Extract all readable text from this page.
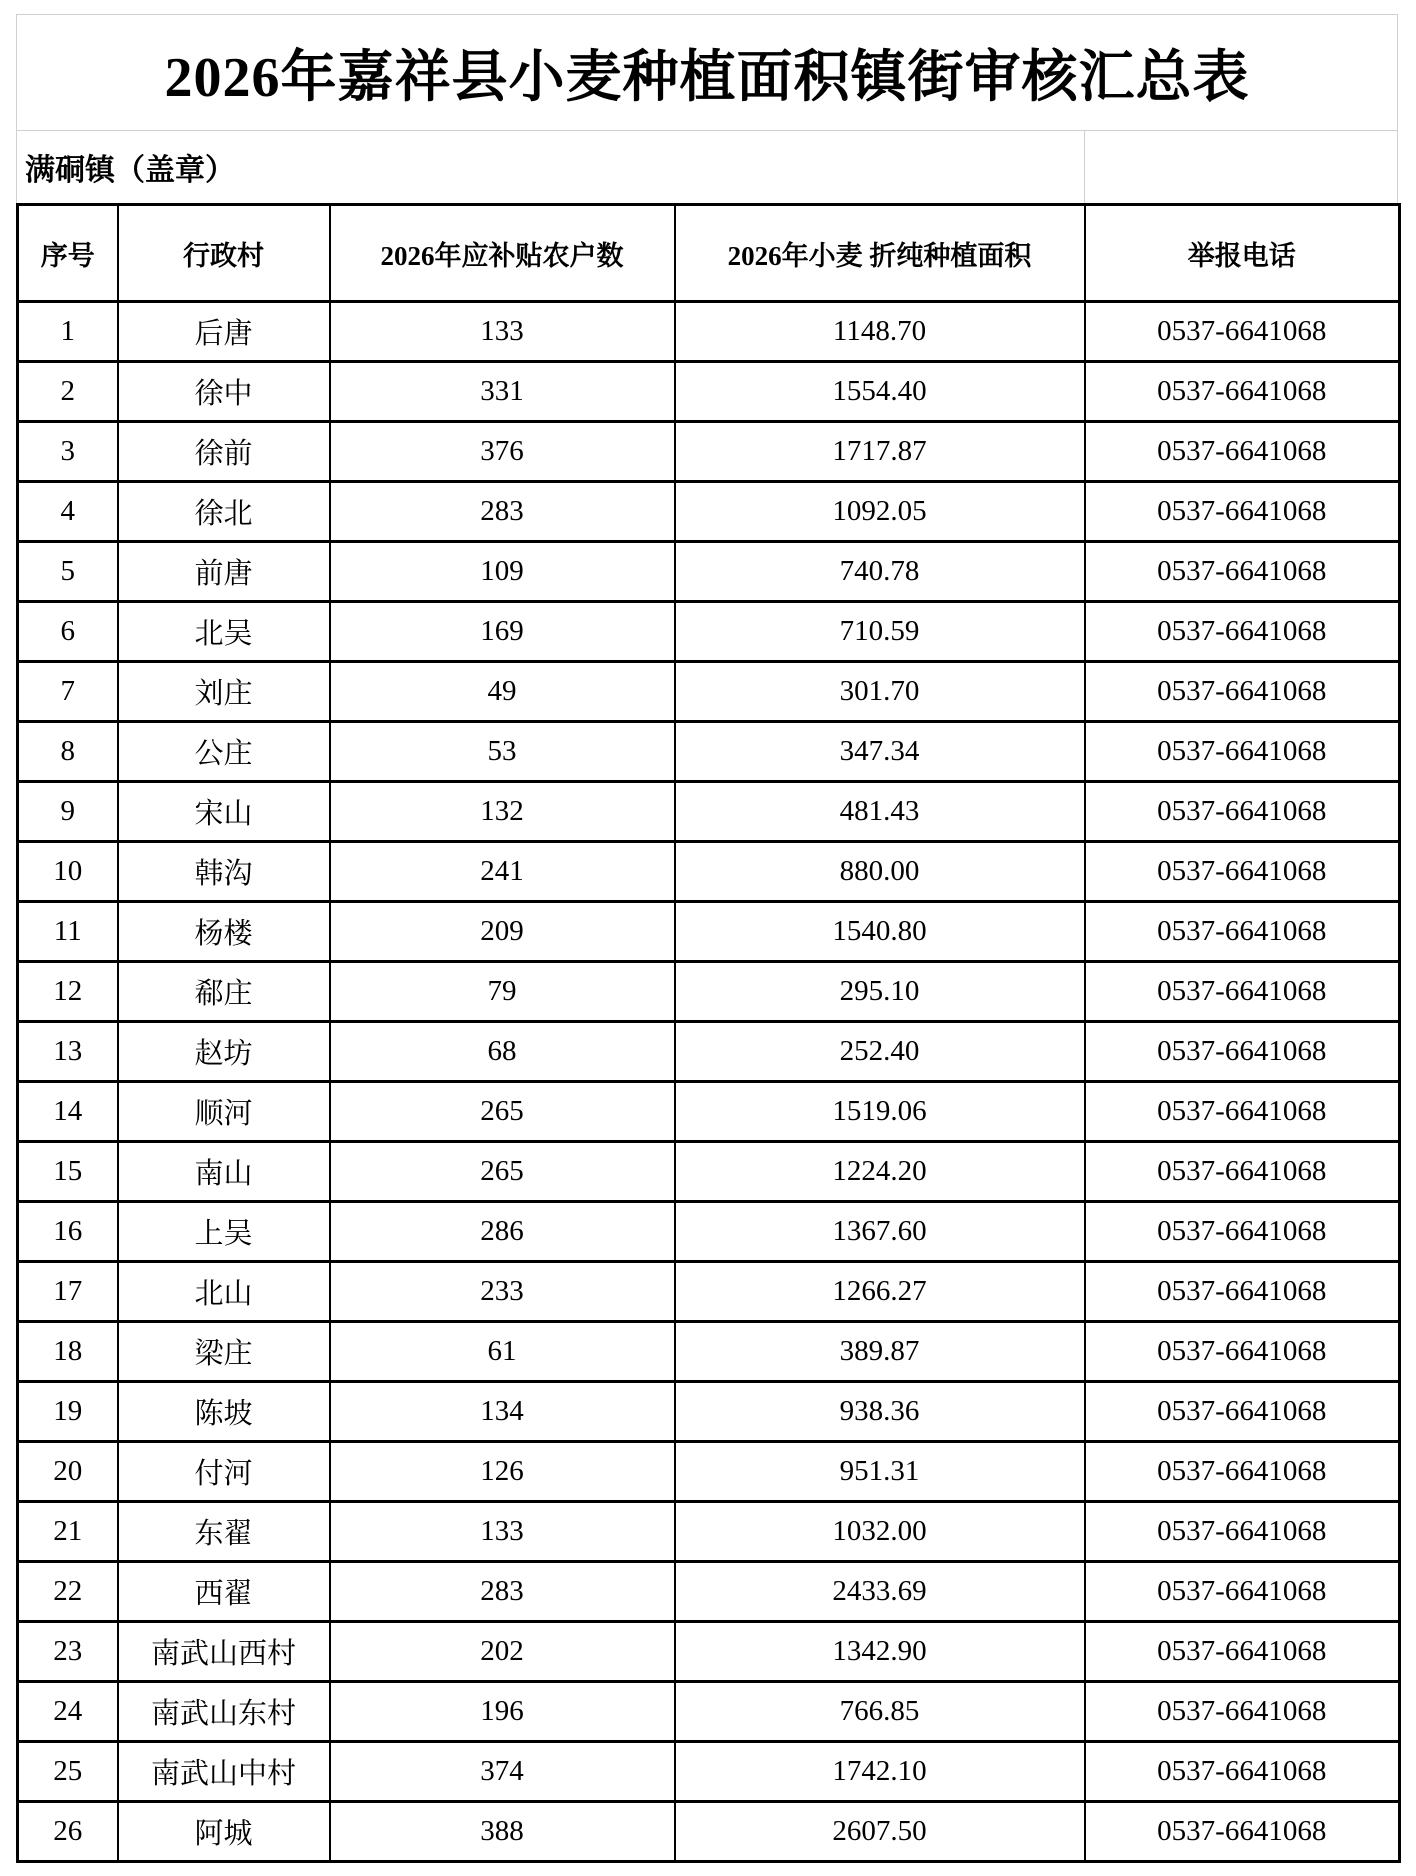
2026年嘉祥县小麦种植面积镇街审核汇总表
满硐镇（盖章）
序号	行政村	2026年应补贴农户数	2026年小麦 折纯种植面积	举报电话
1	后唐	133	1148.70	0537-6641068
2	徐中	331	1554.40	0537-6641068
3	徐前	376	1717.87	0537-6641068
4	徐北	283	1092.05	0537-6641068
5	前唐	109	740.78	0537-6641068
6	北吴	169	710.59	0537-6641068
7	刘庄	49	301.70	0537-6641068
8	公庄	53	347.34	0537-6641068
9	宋山	132	481.43	0537-6641068
10	韩沟	241	880.00	0537-6641068
11	杨楼	209	1540.80	0537-6641068
12	郗庄	79	295.10	0537-6641068
13	赵坊	68	252.40	0537-6641068
14	顺河	265	1519.06	0537-6641068
15	南山	265	1224.20	0537-6641068
16	上吴	286	1367.60	0537-6641068
17	北山	233	1266.27	0537-6641068
18	梁庄	61	389.87	0537-6641068
19	陈坡	134	938.36	0537-6641068
20	付河	126	951.31	0537-6641068
21	东翟	133	1032.00	0537-6641068
22	西翟	283	2433.69	0537-6641068
23	南武山西村	202	1342.90	0537-6641068
24	南武山东村	196	766.85	0537-6641068
25	南武山中村	374	1742.10	0537-6641068
26	阿城	388	2607.50	0537-6641068
